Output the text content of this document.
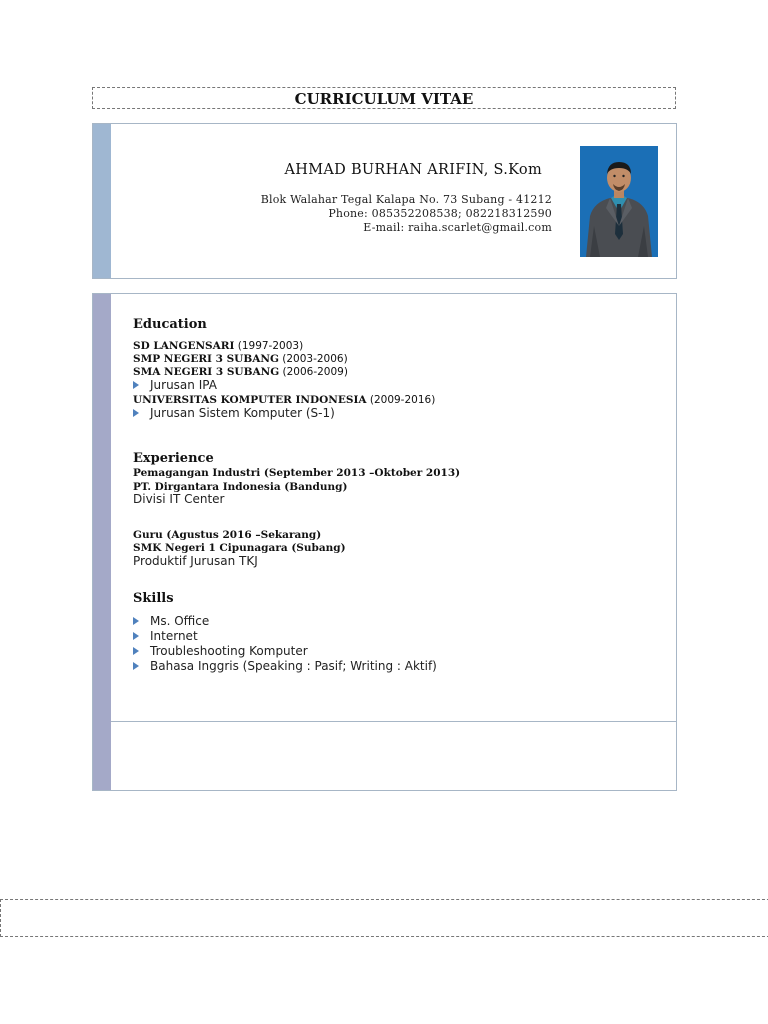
CURRICULUM VITAE
AHMAD BURHAN ARIFIN, S.Kom
Blok Walahar Tegal Kalapa No. 73 Subang - 41212
Phone: 085352208538; 082218312590
E-mail: raiha.scarlet@gmail.com
Education
SD LANGENSARI (1997-2003)
SMP NEGERI 3 SUBANG (2003-2006)
SMA NEGERI 3 SUBANG (2006-2009)
Jurusan IPA
UNIVERSITAS KOMPUTER INDONESIA (2009-2016)
Jurusan Sistem Komputer (S-1)
Experience
Pemagangan Industri (September 2013 –Oktober 2013)
PT. Dirgantara Indonesia (Bandung)
Divisi IT Center
Guru (Agustus 2016 –Sekarang)
SMK Negeri 1 Cipunagara (Subang)
Produktif Jurusan TKJ
Skills
Ms. Office
Internet
Troubleshooting Komputer
Bahasa Inggris (Speaking : Pasif; Writing : Aktif)
